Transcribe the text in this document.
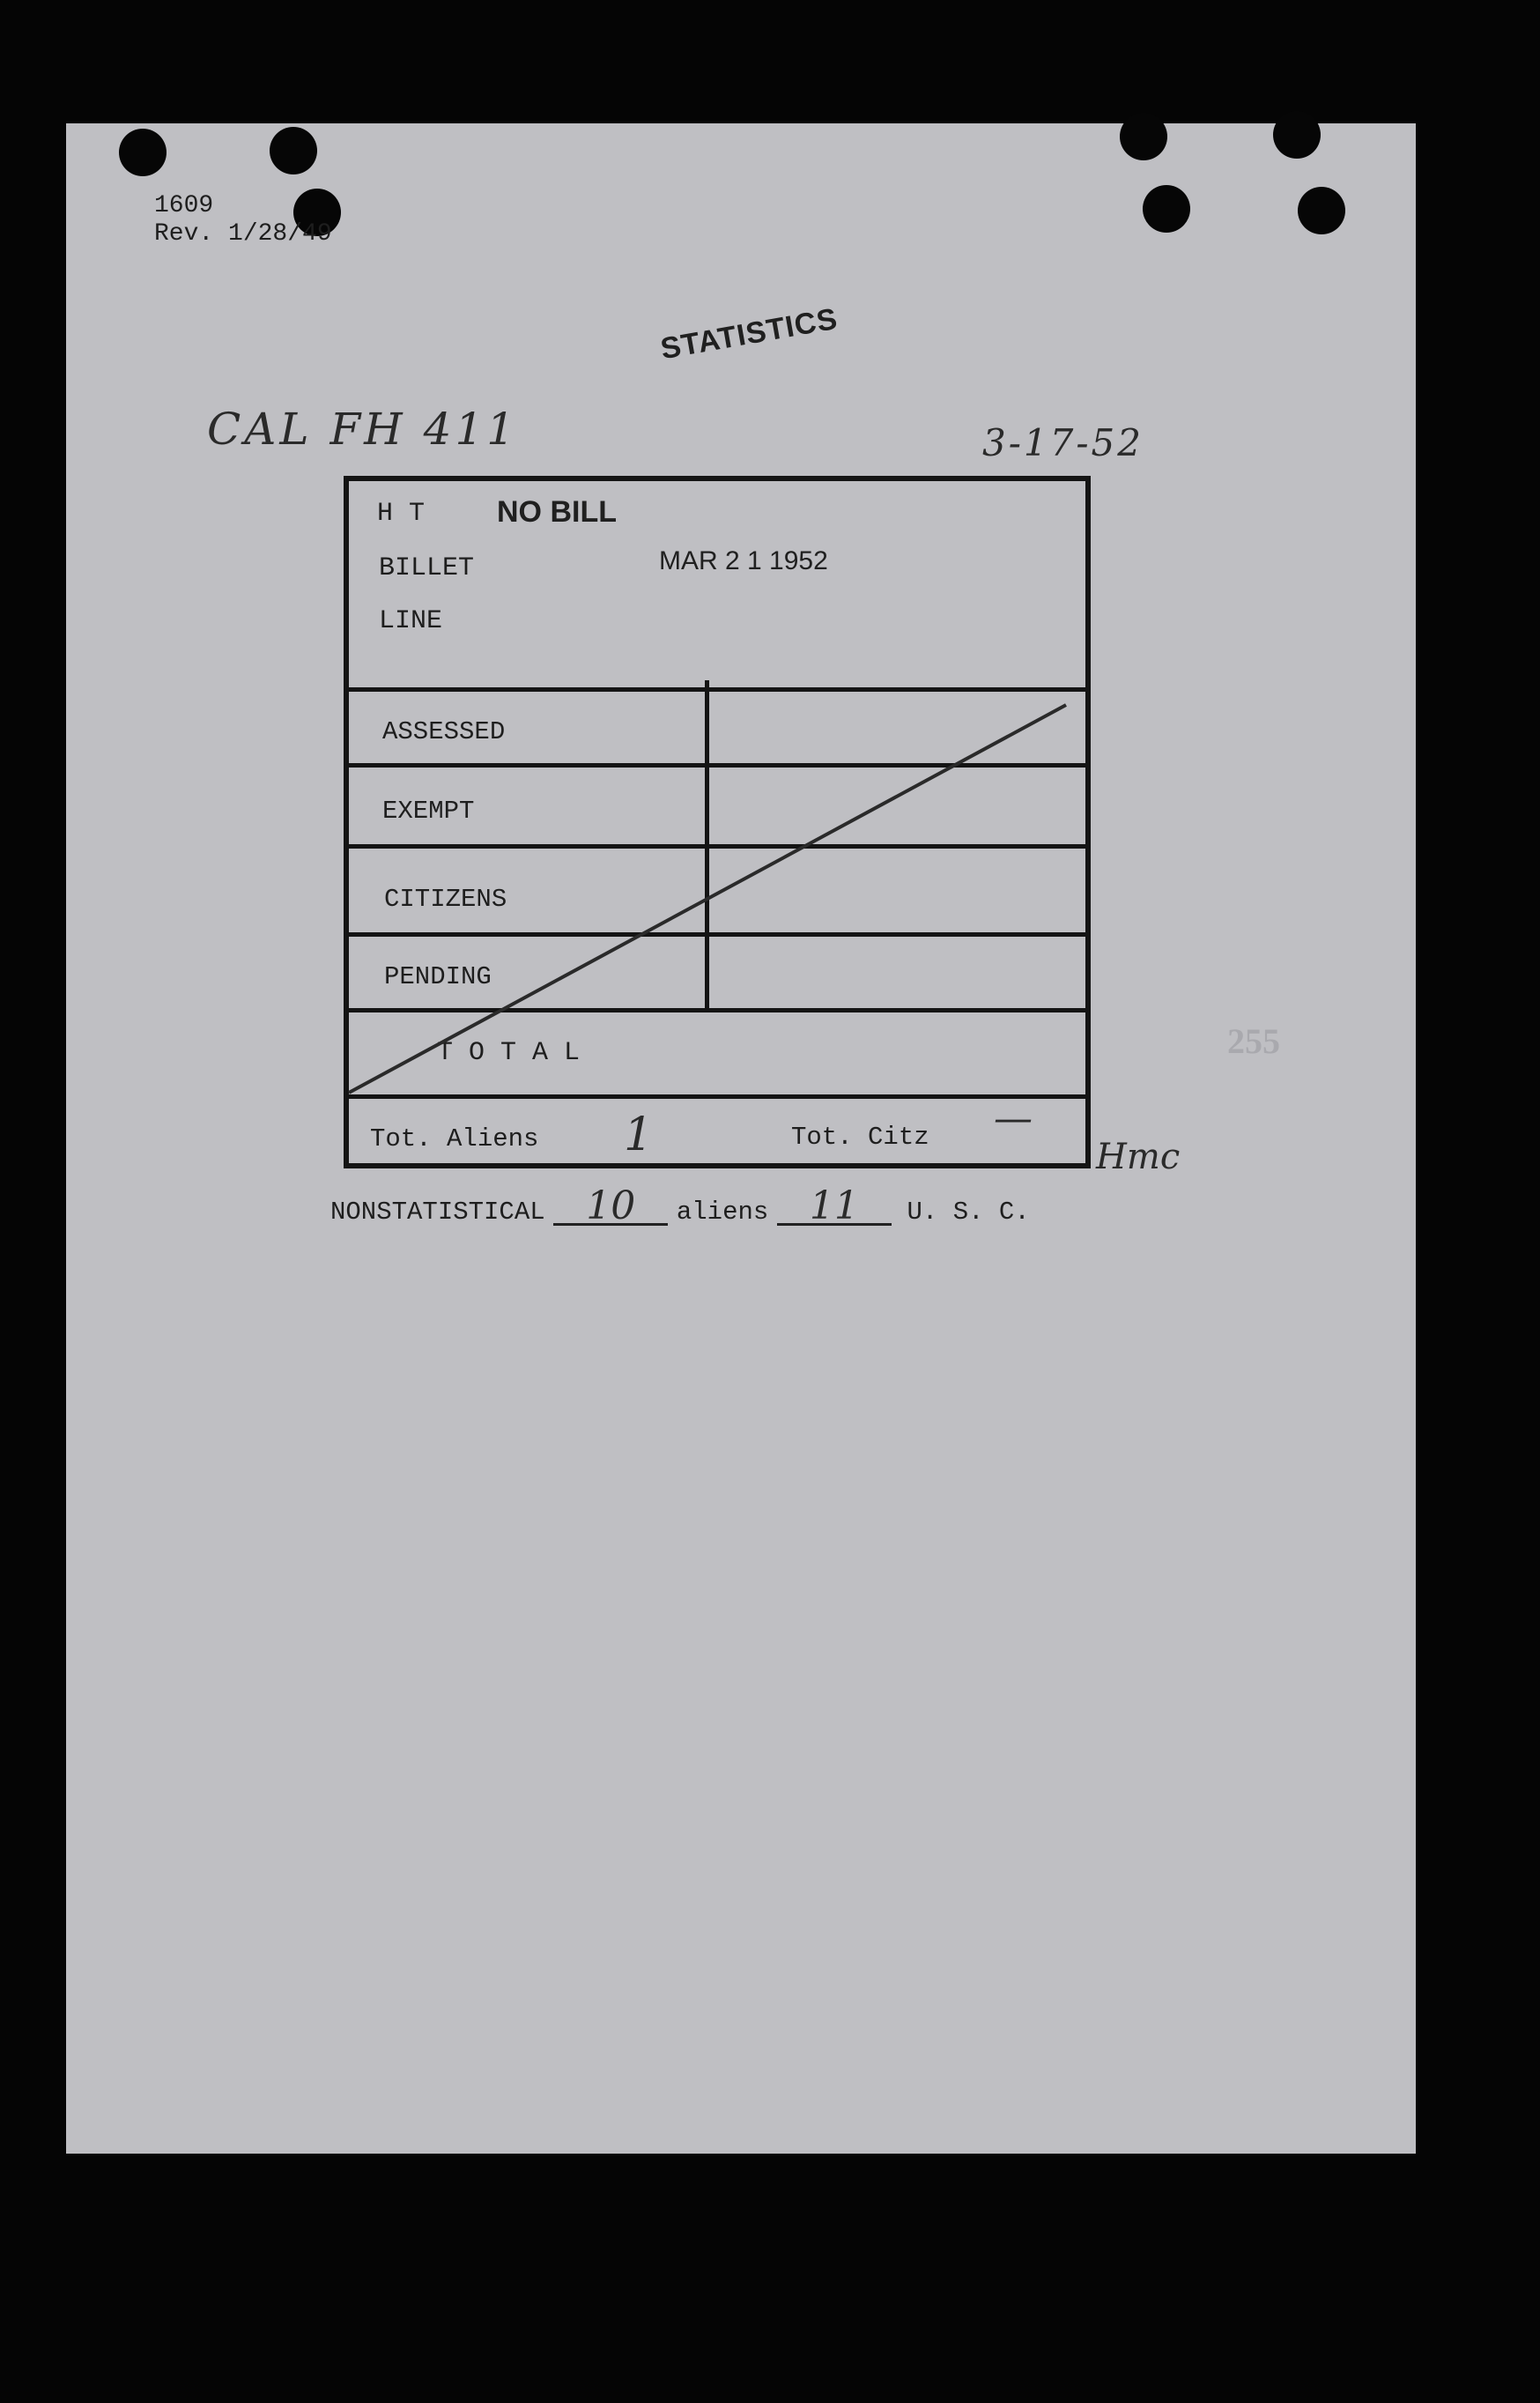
1609
Rev. 1/28/49
STATISTICS
CAL FH 411	3-17-52
255
H T NO BILL
BILLET	MAR 2 1 1952
LINE
ASSESSED
EXEMPT
CITIZENS
PENDING
T O T A L
Tot. Aliens 1	Tot. Citz —
Hmc
NONSTATISTICAL 10 aliens 11 U. S. C.
